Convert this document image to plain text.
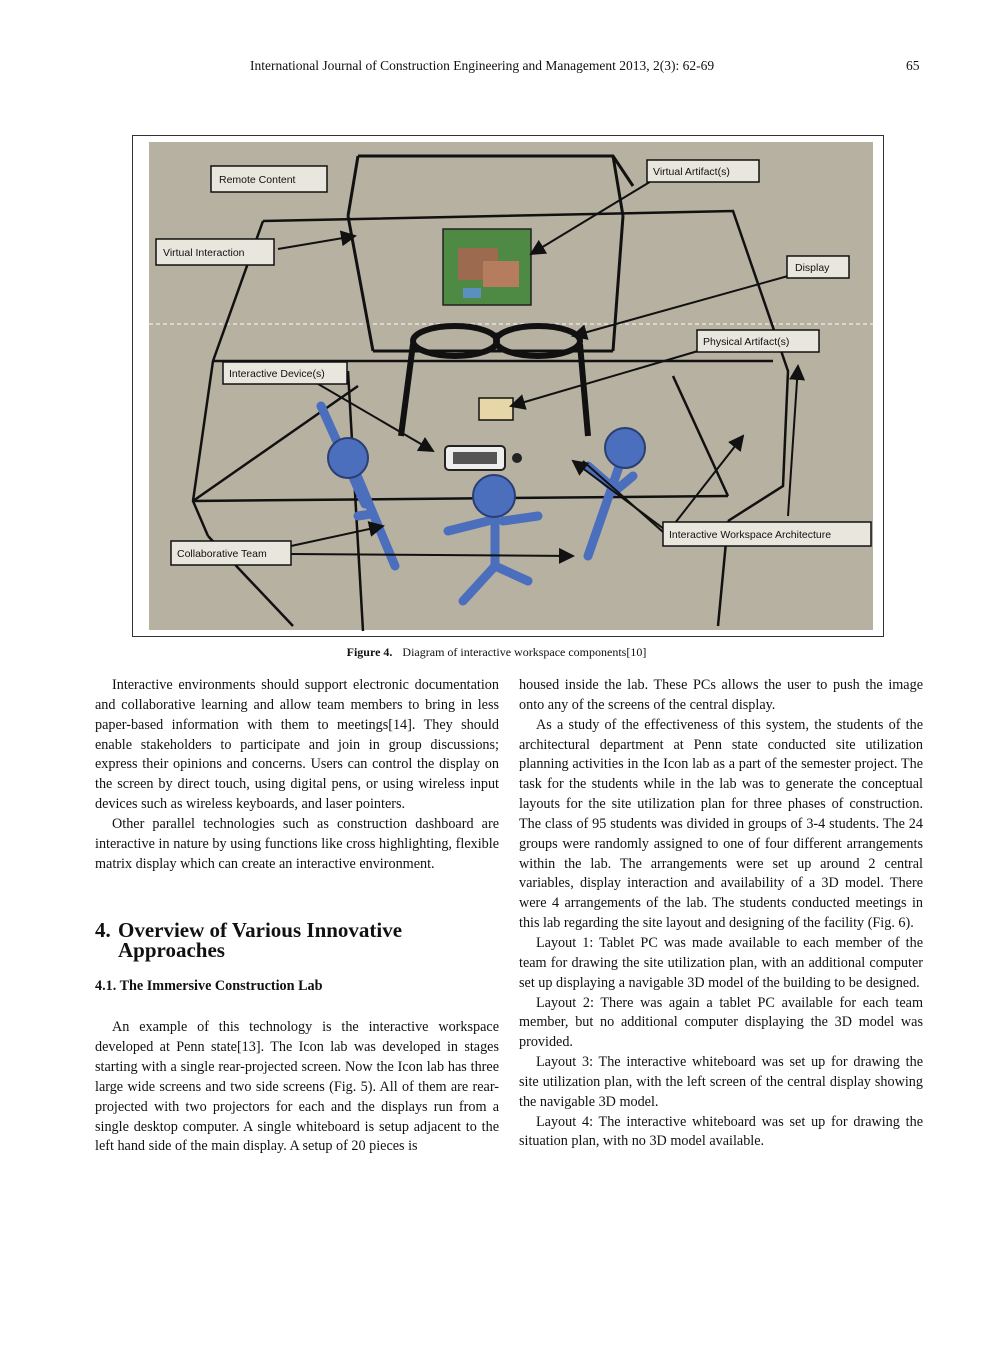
International Journal of Construction Engineering and Management 2013, 2(3): 62-69	65
Remote Content
Virtual Artifact(s)
Virtual Interaction
Display
Physical Artifact(s)
Interactive Device(s)
Collaborative Team
Interactive Workspace Architecture
Figure 4. Diagram of interactive workspace components[10]

Interactive environments should support electronic documentation and collaborative learning and allow team members to bring in less paper-based information with them to meetings[14]. They should enable stakeholders to participate and join in group discussions; express their opinions and concerns. Users can control the display on the screen by direct touch, using digital pens, or using wireless input devices such as wireless keyboards, and laser pointers.

Other parallel technologies such as construction dashboard are interactive in nature by using functions like cross highlighting, flexible matrix display which can create an interactive environment.

4. Overview of Various Innovative
Approaches
4.1. The Immersive Construction Lab

An example of this technology is the interactive workspace developed at Penn state[13]. The Icon lab was developed in stages starting with a single rear-projected screen. Now the Icon lab has three large wide screens and two side screens (Fig. 5). All of them are rear-projected with two projectors for each and the displays run from a single desktop computer. A single whiteboard is setup adjacent to the left hand side of the main display. A setup of 20 pieces is

housed inside the lab. These PCs allows the user to push the image onto any of the screens of the central display.

As a study of the effectiveness of this system, the students of the architectural department at Penn state conducted site utilization planning activities in the Icon lab as a part of the semester project. The task for the students while in the lab was to generate the conceptual layouts for the site utilization plan for three phases of construction. The class of 95 students was divided in groups of 3-4 students. The 24 groups were randomly assigned to one of four different arrangements within the lab. The arrangements were set up around 2 central variables, display interaction and availability of a 3D model. There were 4 arrangements of the lab. The students conducted meetings in this lab regarding the site layout and designing of the facility (Fig. 6).

Layout 1: Tablet PC was made available to each member of the team for drawing the site utilization plan, with an additional computer set up displaying a navigable 3D model of the building to be designed.

Layout 2: There was again a tablet PC available for each team member, but no additional computer displaying the 3D model was provided.

Layout 3: The interactive whiteboard was set up for drawing the site utilization plan, with the left screen of the central display showing the navigable 3D model.

Layout 4: The interactive whiteboard was set up for drawing the situation plan, with no 3D model available.
